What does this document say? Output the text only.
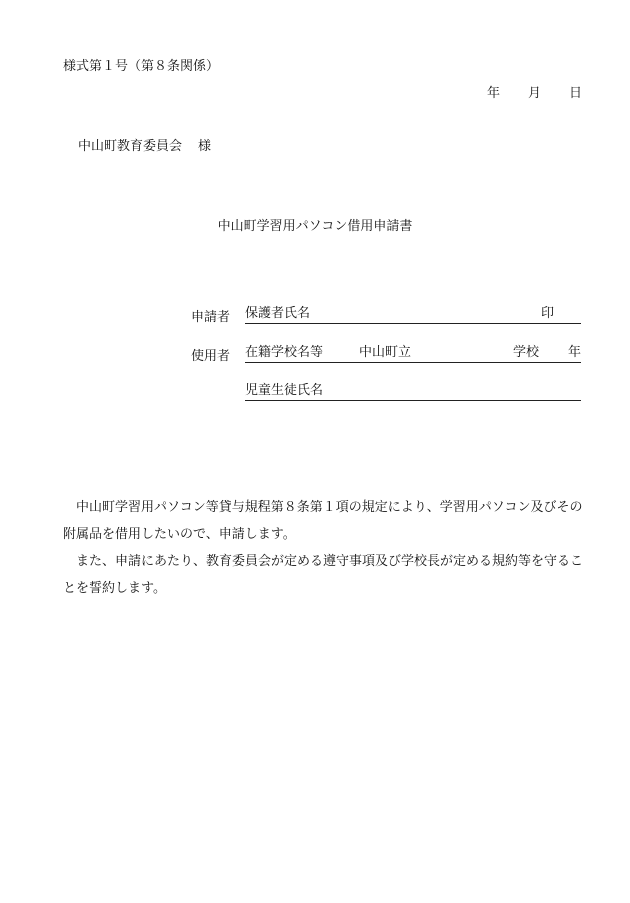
様式第１号（第８条関係）
年 月 日
中山町教育委員会 様
中山町学習用パソコン借用申請書
申請者 保護者氏名	印
使用者 在籍学校名等	中山町立	学校 年
児童生徒氏名

中山町学習用パソコン等貸与規程第８条第１項の規定により、学習用パソコン及びその附属品を借用したいので、申請します。

また、申請にあたり、教育委員会が定める遵守事項及び学校長が定める規約等を守ることを誓約します。
